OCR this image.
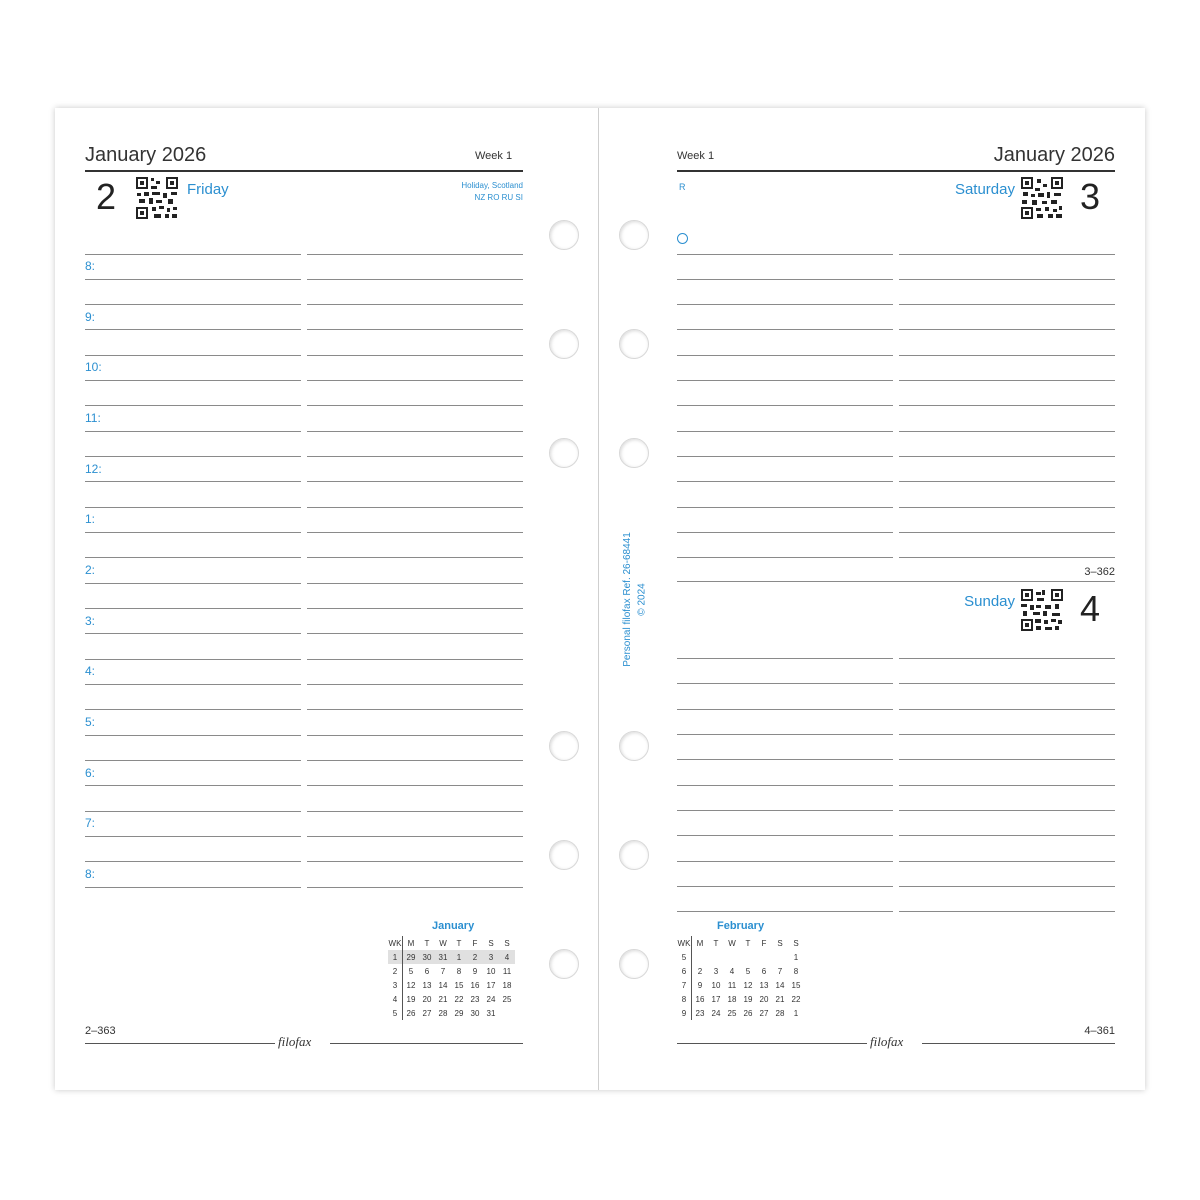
January 2026	Week 1
2	Friday	Holiday, Scotland
NZ RO RU SI
8:
9:
10:
11:
12:
1:
2:
3:
4:
5:
6:
7:
8:
January
WK	M	T	W	T	F	S	S
1	29	30	31	1	2	3	4
2	5	6	7	8	9	10	11
3	12	13	14	15	16	17	18
4	19	20	21	22	23	24	25
5	26	27	28	29	30	31	
2–363
filofax
Personal filofax Ref. 26-68441 © 2024
Week 1	January 2026
R	Saturday 3
3–362
Sunday 4
February
WK	M	T	W	T	F	S	S
5							1
6	2	3	4	5	6	7	8
7	9	10	11	12	13	14	15
8	16	17	18	19	20	21	22
9	23	24	25	26	27	28	1
4–361
filofax
